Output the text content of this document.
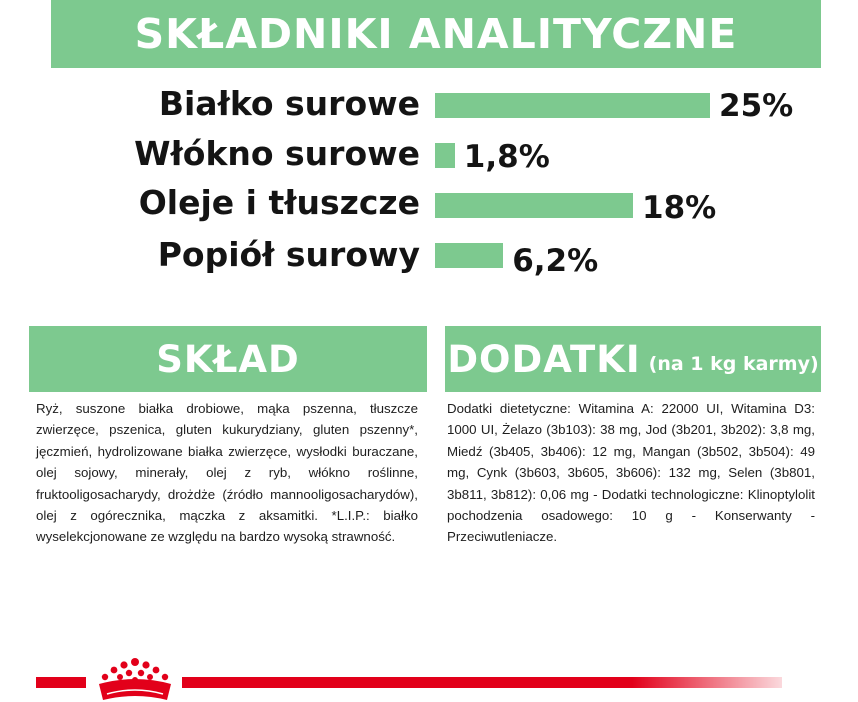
SKŁADNIKI ANALITYCZNE
Białko surowe	25%
Włókno surowe 1,8%
Oleje i tłuszcze	18%
Popiół surowy	6,2%
SKŁAD	DODATKI (na 1 kg karmy)
Ryż, suszone białka drobiowe, mąka pszenna, tłuszcze zwierzęce, pszenica, gluten kukurydziany, gluten pszenny*, jęczmień, hydrolizowane białka zwierzęce, wysłodki buraczane, olej sojowy, minerały, olej z ryb, włókno roślinne, fruktooligosacharydy, drożdże (źródło mannooligosacharydów), olej z ogórecznika, mączka z aksamitki. *L.I.P.: białko wyselekcjonowane ze względu na bardzo wysoką strawność.
Dodatki dietetyczne: Witamina A: 22000 UI, Witamina D3: 1000 UI, Żelazo (3b103): 38 mg, Jod (3b201, 3b202): 3,8 mg, Miedź (3b405, 3b406): 12 mg, Mangan (3b502, 3b504): 49 mg, Cynk (3b603, 3b605, 3b606): 132 mg, Selen (3b801, 3b811, 3b812): 0,06 mg - Dodatki technologiczne: Klinoptylolit pochodzenia osadowego: 10 g - Konserwanty - Przeciwutleniacze.
